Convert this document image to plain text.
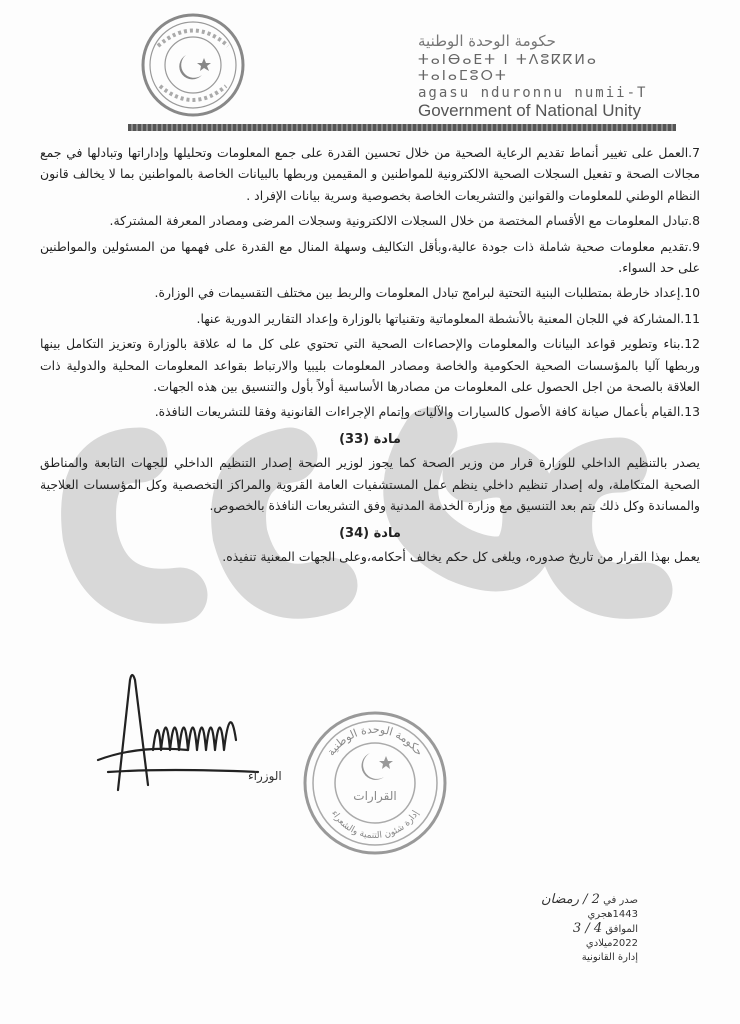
حكومة الوحدة الوطنية
ⵜⴰⵏⴱⴰⴹⵜ ⵏ ⵜⴷⵓⴽⴽⵍⴰ ⵜⴰⵏⴰⵎⵓⵔⵜ
agasu nduronnu numii-T
Government of National Unity

7.العمل على تغيير أنماط تقديم الرعاية الصحية من خلال تحسين القدرة على جمع المعلومات وتحليلها وإداراتها وتبادلها في جمع مجالات الصحة و تفعيل السجلات الصحية الالكترونية للمواطنين و المقيمين وربطها بالبيانات الخاصة بالمواطنين بما لا يخالف قانون النظام الوطني للمعلومات والقوانين والتشريعات الخاصة بخصوصية وسرية بيانات الإفراد .

8.تبادل المعلومات مع الأقسام المختصة من خلال السجلات الالكترونية وسجلات المرضى ومصادر المعرفة المشتركة.

9.تقديم معلومات صحية شاملة ذات جودة عالية،وبأقل التكاليف وسهلة المنال مع القدرة على فهمها من المسئولين والمواطنين على حد السواء.

10.إعداد خارطة بمتطلبات البنية التحتية لبرامج تبادل المعلومات والربط بين مختلف التقسيمات في الوزارة.

11.المشاركة في اللجان المعنية بالأنشطة المعلوماتية وتقنياتها بالوزارة وإعداد التقارير الدورية عنها.

12.بناء وتطوير قواعد البيانات والمعلومات والإحصاءات الصحية التي تحتوي على كل ما له علاقة بالوزارة وتعزيز التكامل بينها وربطها آليا بالمؤسسات الصحية الحكومية والخاصة ومصادر المعلومات بليبيا والارتباط بقواعد المعلومات المحلية والدولية ذات العلاقة بالصحة من اجل الحصول على المعلومات من مصادرها الأساسية أولاً بأول والتنسيق بين هذه الجهات.

13.القيام بأعمال صيانة كافة الأصول كالسيارات والآليات وإتمام الإجراءات القانونية وفقا للتشريعات النافذة.

مادة (33)

يصدر بالتنظيم الداخلي للوزارة قرار من وزير الصحة كما يجوز لوزير الصحة إصدار التنظيم الداخلي للجهات التابعة والمناطق الصحية المتكاملة، وله إصدار تنظيم داخلي ينظم عمل المستشفيات العامة القروية والمراكز التخصصية وكل المؤسسات العلاجية والمساندة وكل ذلك يتم بعد التنسيق مع وزارة الخدمة المدنية وفق التشريعات النافذة بالخصوص.

مادة (34)

يعمل بهذا القرار من تاريخ صدوره، ويلغى كل حكم يخالف أحكامه،وعلى الجهات المعنية تنفيذه.

الوزراء
حكومة الوحدة الوطنية
القرارات
إدارة شئون التنمية والشعراء
صدر في 2 / رمضان
1443هجري
الموافق 4 / 3
2022ميلادي
إدارة القانونية
